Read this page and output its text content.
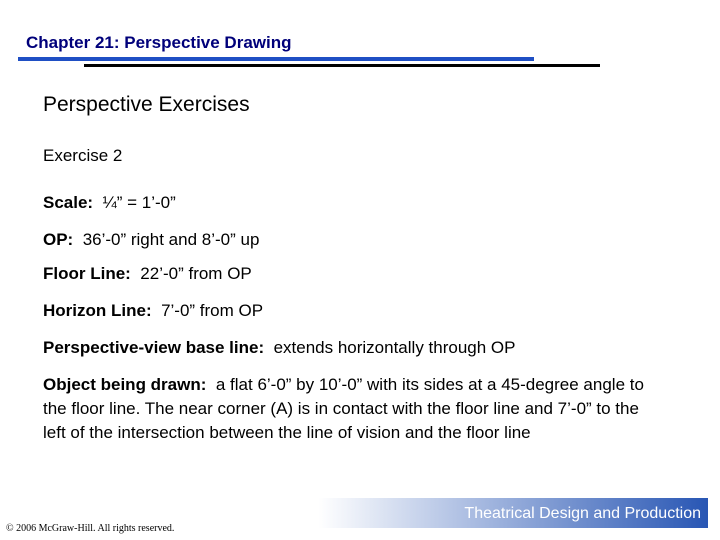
Chapter 21: Perspective Drawing
Perspective Exercises
Exercise 2
Scale: ¼” = 1’-0”
OP: 36’-0” right and 8’-0” up
Floor Line: 22’-0” from OP
Horizon Line: 7’-0” from OP
Perspective-view base line: extends horizontally through OP
Object being drawn: a flat 6’-0” by 10’-0” with its sides at a 45-degree angle to the floor line. The near corner (A) is in contact with the floor line and 7’-0” to the left of the intersection between the line of vision and the floor line
Theatrical Design and Production
© 2006 McGraw-Hill. All rights reserved.
